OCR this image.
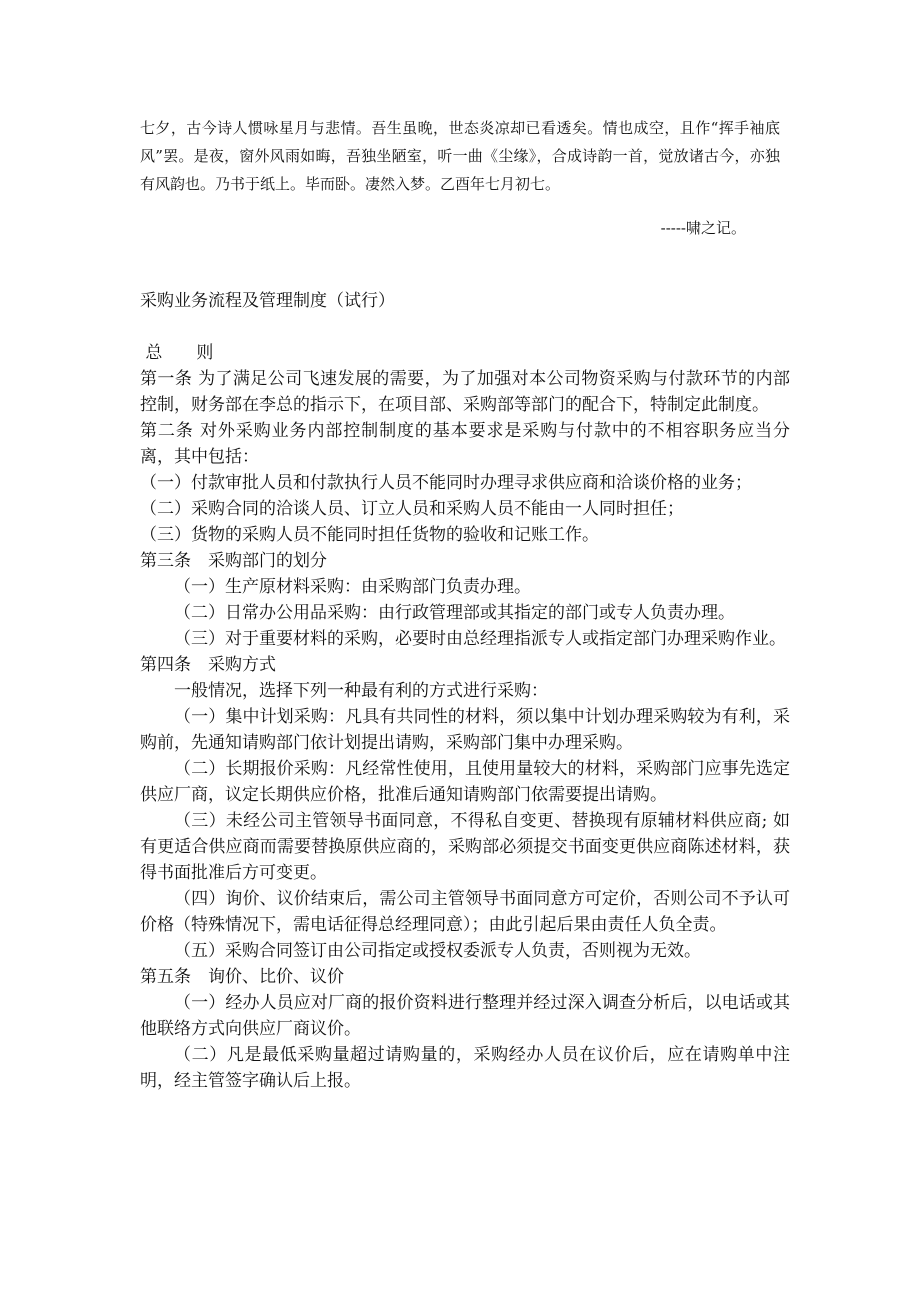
七夕，古今诗人惯咏星月与悲情。吾生虽晚，世态炎凉却已看透矣。情也成空，且作“挥手袖底风”罢。是夜，窗外风雨如晦，吾独坐陋室，听一曲《尘缘》，合成诗韵一首，觉放诸古今，亦独有风韵也。乃书于纸上。毕而卧。凄然入梦。乙酉年七月初七。
-----啸之记。
采购业务流程及管理制度（试行）

总 则

第一条 为了满足公司飞速发展的需要，为了加强对本公司物资采购与付款环节的内部控制，财务部在李总的指示下，在项目部、采购部等部门的配合下，特制定此制度。

第二条 对外采购业务内部控制制度的基本要求是采购与付款中的不相容职务应当分离，其中包括：

（一）付款审批人员和付款执行人员不能同时办理寻求供应商和洽谈价格的业务；

（二）采购合同的洽谈人员、订立人员和采购人员不能由一人同时担任；

（三）货物的采购人员不能同时担任货物的验收和记账工作。

第三条　采购部门的划分

（一）生产原材料采购：由采购部门负责办理。

（二）日常办公用品采购：由行政管理部或其指定的部门或专人负责办理。

（三）对于重要材料的采购，必要时由总经理指派专人或指定部门办理采购作业。

第四条　采购方式

一般情况，选择下列一种最有利的方式进行采购：

（一）集中计划采购：凡具有共同性的材料，须以集中计划办理采购较为有利，采购前，先通知请购部门依计划提出请购，采购部门集中办理采购。

（二）长期报价采购：凡经常性使用，且使用量较大的材料，采购部门应事先选定供应厂商，议定长期供应价格，批准后通知请购部门依需要提出请购。

（三）未经公司主管领导书面同意，不得私自变更、替换现有原辅材料供应商; 如有更适合供应商而需要替换原供应商的，采购部必须提交书面变更供应商陈述材料，获得书面批准后方可变更。

（四）询价、议价结束后，需公司主管领导书面同意方可定价，否则公司不予认可价格（特殊情况下，需电话征得总经理同意）；由此引起后果由责任人负全责。

（五）采购合同签订由公司指定或授权委派专人负责，否则视为无效。

第五条　询价、比价、议价

（一）经办人员应对厂商的报价资料进行整理并经过深入调查分析后，以电话或其他联络方式向供应厂商议价。

（二）凡是最低采购量超过请购量的，采购经办人员在议价后，应在请购单中注明，经主管签字确认后上报。
